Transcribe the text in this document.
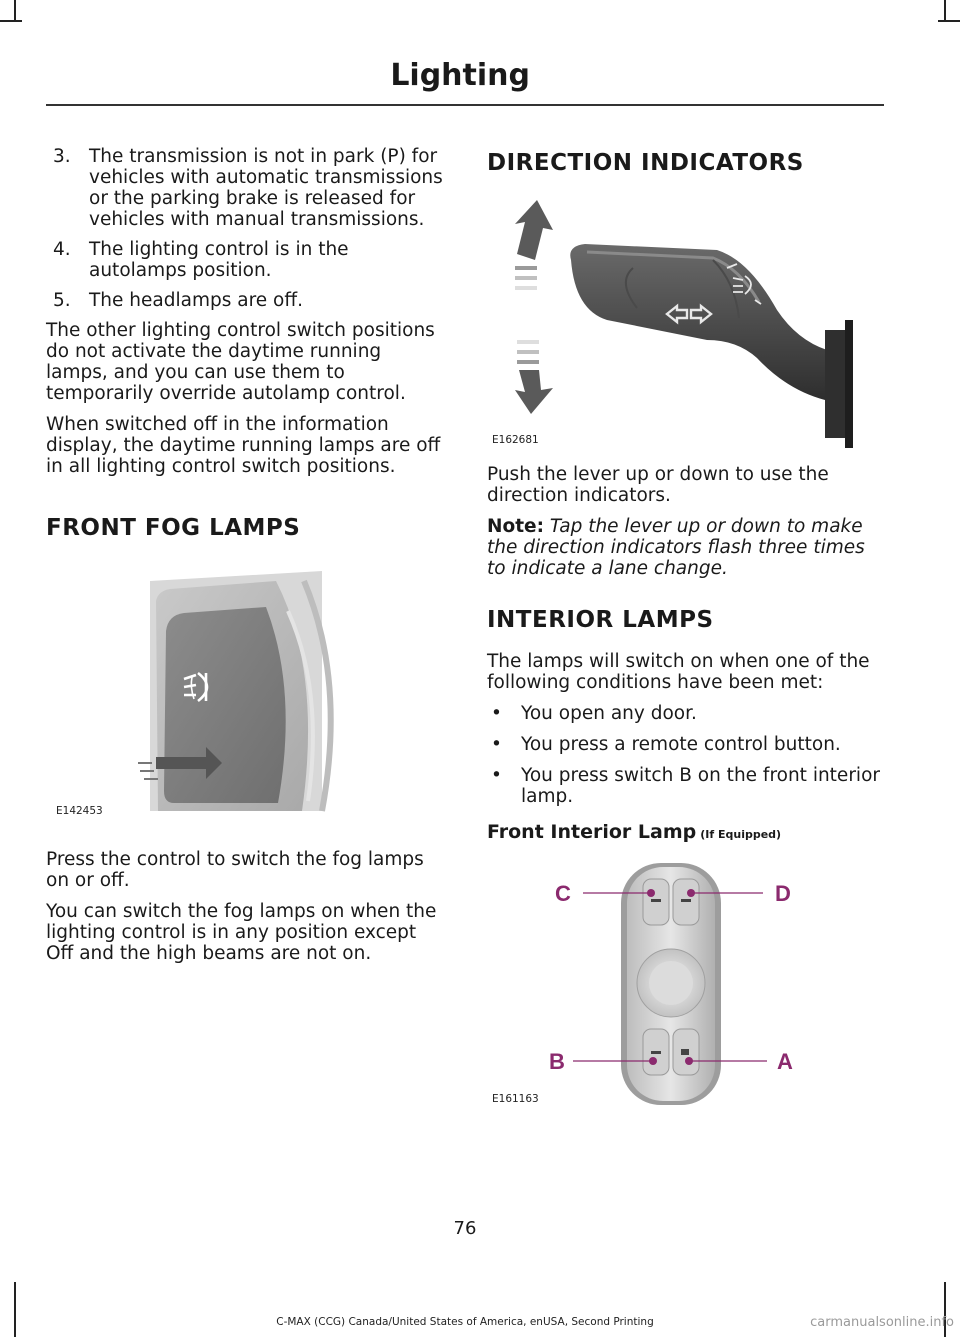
Lighting
3. The transmission is not in park (P) for vehicles with automatic transmissions or the parking brake is released for vehicles with manual transmissions.
4. The lighting control is in the autolamps position.
5. The headlamps are off.

The other lighting control switch positions do not activate the daytime running lamps, and you can use them to temporarily override autolamp control.

When switched off in the information display, the daytime running lamps are off in all lighting control switch positions.

FRONT FOG LAMPS
E142453

Press the control to switch the fog lamps on or off.

You can switch the fog lamps on when the lighting control is in any position except Off and the high beams are not on.

DIRECTION INDICATORS
E162681

Push the lever up or down to use the direction indicators.

Note: Tap the lever up or down to make the direction indicators flash three times to indicate a lane change.

INTERIOR LAMPS

The lamps will switch on when one of the following conditions have been met:

• You open any door.
• You press a remote control button.
• You press switch B on the front interior lamp.
Front Interior Lamp (If Equipped)
C	D
B	A
E161163
76
C-MAX (CCG) Canada/United States of America, enUSA, Second Printing	carmanualsonline.info
